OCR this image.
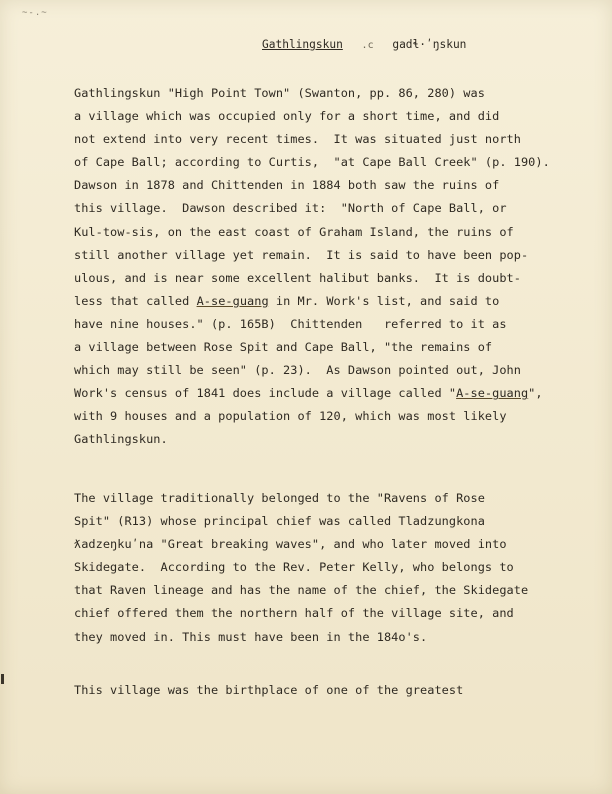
~-.~
Gathlingskun .c gadɬ·ʹŋskun
Gathlingskun "High Point Town" (Swanton, pp. 86, 280) was
a village which was occupied only for a short time, and did
not extend into very recent times.  It was situated just north
of Cape Ball; according to Curtis,  "at Cape Ball Creek" (p. 190).
Dawson in 1878 and Chittenden in 1884 both saw the ruins of
this village.  Dawson described it:  "North of Cape Ball, or
Kul-tow-sis, on the east coast of Graham Island, the ruins of
still another village yet remain.  It is said to have been pop-
ulous, and is near some excellent halibut banks.  It is doubt-
less that called A-se-guang in Mr. Work's list, and said to
have nine houses." (p. 165B)  Chittenden   referred to it as
a village between Rose Spit and Cape Ball, "the remains of
which may still be seen" (p. 23).  As Dawson pointed out, John
Work's census of 1841 does include a village called "A-se-guang",
with 9 houses and a population of 120, which was most likely
Gathlingskun.
The village traditionally belonged to the "Ravens of Rose
Spit" (R13) whose principal chief was called Tladzungkona
ƛadzeŋkuʹna "Great breaking waves", and who later moved into
Skidegate.  According to the Rev. Peter Kelly, who belongs to
that Raven lineage and has the name of the chief, the Skidegate
chief offered them the northern half of the village site, and
they moved in. This must have been in the 184o's.
This village was the birthplace of one of the greatest
